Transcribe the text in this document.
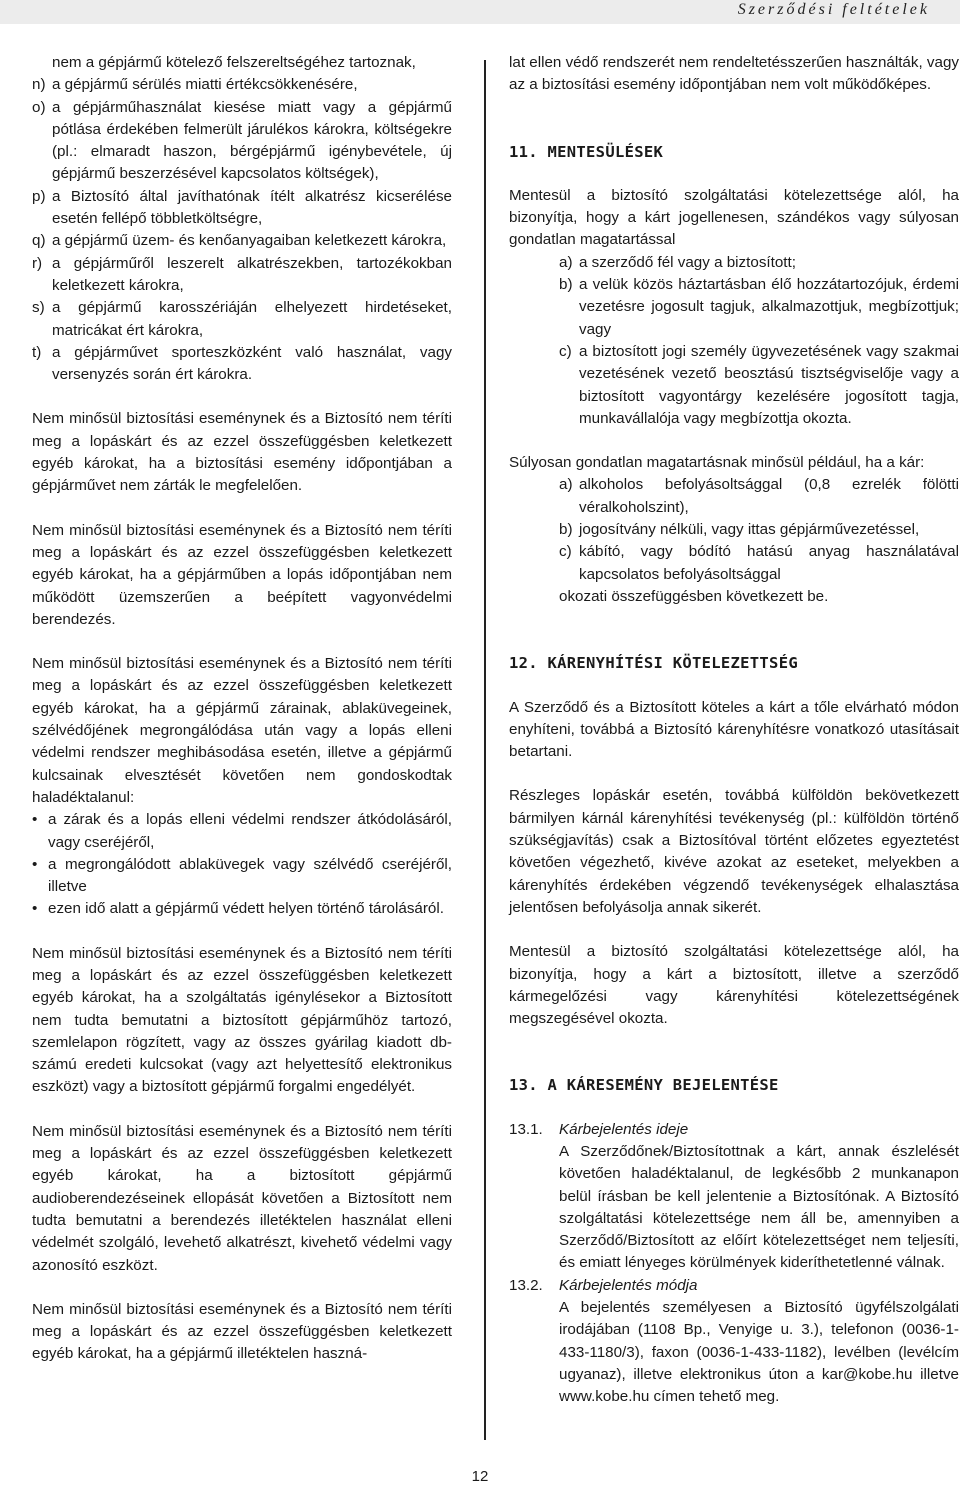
Szerződési feltételek

nem a gépjármű kötelező felszereltségéhez tartoznak,

n) a gépjármű sérülés miatti értékcsökkenésére,
o) a gépjárműhasználat kiesése miatt vagy a gépjármű pótlása érdekében felmerült járulékos károkra, költségekre (pl.: elmaradt haszon, bérgépjármű igénybevétele, új gépjármű beszerzésével kapcsolatos költségek),
p) a Biztosító által javíthatónak ítélt alkatrész kicserélése esetén fellépő többletköltségre,
q) a gépjármű üzem- és kenőanyagaiban keletkezett károkra,
r) a gépjárműről leszerelt alkatrészekben, tartozékokban keletkezett károkra,
s) a gépjármű karosszériáján elhelyezett hirdetéseket, matricákat ért károkra,
t) a gépjárművet sporteszközként való használat, vagy versenyzés során ért károkra.

Nem minősül biztosítási eseménynek és a Biztosító nem téríti meg a lopáskárt és az ezzel összefüggésben keletkezett egyéb károkat, ha a biztosítási esemény időpontjában a gépjárművet nem zárták le megfelelően.

Nem minősül biztosítási eseménynek és a Biztosító nem téríti meg a lopáskárt és az ezzel összefüggésben keletkezett egyéb károkat, ha a gépjárműben a lopás időpontjában nem működött üzemszerűen a beépített vagyonvédelmi berendezés.

Nem minősül biztosítási eseménynek és a Biztosító nem téríti meg a lopáskárt és az ezzel összefüggésben keletkezett egyéb károkat, ha a gépjármű zárainak, ablaküvegeinek, szélvédőjének megrongálódása után vagy a lopás elleni védelmi rendszer meghibásodása esetén, illetve a gépjármű kulcsainak elvesztését követően nem gondoskodtak haladéktalanul:

• a zárak és a lopás elleni védelmi rendszer átkódolásáról, vagy cseréjéről,
• a megrongálódott ablaküvegek vagy szélvédő cseréjéről, illetve
• ezen idő alatt a gépjármű védett helyen történő tárolásáról.

Nem minősül biztosítási eseménynek és a Biztosító nem téríti meg a lopáskárt és az ezzel összefüggésben keletkezett egyéb károkat, ha a szolgáltatás igénylésekor a Biztosított nem tudta bemutatni a biztosított gépjárműhöz tartozó, szemlelapon rögzített, vagy az összes gyárilag kiadott db-számú eredeti kulcsokat (vagy azt helyettesítő elektronikus eszközt) vagy a biztosított gépjármű forgalmi engedélyét.

Nem minősül biztosítási eseménynek és a Biztosító nem téríti meg a lopáskárt és az ezzel összefüggésben keletkezett egyéb károkat, ha a biztosított gépjármű audioberendezéseinek ellopását követően a Biztosított nem tudta bemutatni a berendezés illetéktelen használat elleni védelmét szolgáló, levehető alkatrészt, kivehető védelmi vagy azonosító eszközt.

Nem minősül biztosítási eseménynek és a Biztosító nem téríti meg a lopáskárt és az ezzel összefüggésben keletkezett egyéb károkat, ha a gépjármű illetéktelen haszná-

lat ellen védő rendszerét nem rendeltetésszerűen használták, vagy az a biztosítási esemény időpontjában nem volt működőképes.

11. MENTESÜLÉSEK

Mentesül a biztosító szolgáltatási kötelezettsége alól, ha bizonyítja, hogy a kárt jogellenesen, szándékos vagy súlyosan gondatlan magatartással

a) a szerződő fél vagy a biztosított;
b) a velük közös háztartásban élő hozzátartozójuk, érdemi vezetésre jogosult tagjuk, alkalmazottjuk, megbízottjuk; vagy
c) a biztosított jogi személy ügyvezetésének vagy szakmai vezetésének vezető beosztású tisztségviselője vagy a biztosított vagyontárgy kezelésére jogosított tagja, munkavállalója vagy megbízottja okozta.

Súlyosan gondatlan magatartásnak minősül például, ha a kár:

a) alkoholos befolyásoltsággal (0,8 ezrelék fölötti véralkoholszint),
b) jogosítvány nélküli, vagy ittas gépjárművezetéssel,
c) kábító, vagy bódító hatású anyag használatával kapcsolatos befolyásoltsággal

okozati összefüggésben következett be.

12. KÁRENYHÍTÉSI KÖTELEZETTSÉG

A Szerződő és a Biztosított köteles a kárt a tőle elvárható módon enyhíteni, továbbá a Biztosító kárenyhítésre vonatkozó utasításait betartani.

Részleges lopáskár esetén, továbbá külföldön bekövetkezett bármilyen kárnál kárenyhítési tevékenység (pl.: külföldön történő szükségjavítás) csak a Biztosítóval történt előzetes egyeztetést követően végezhető, kivéve azokat az eseteket, melyekben a kárenyhítés érdekében végzendő tevékenységek elhalasztása jelentősen befolyásolja annak sikerét.

Mentesül a biztosító szolgáltatási kötelezettsége alól, ha bizonyítja, hogy a kárt a biztosított, illetve a szerződő kármegelőzési vagy kárenyhítési kötelezettségének megszegésével okozta.

13. A KÁRESEMÉNY BEJELENTÉSE

13.1.	Kárbejelentés ideje

A Szerződőnek/Biztosítottnak a kárt, annak észlelését követően haladéktalanul, de legkésőbb 2 munkanapon belül írásban be kell jelentenie a Biztosítónak. A Biztosító szolgáltatási kötelezettsége nem áll be, amennyiben a Szerződő/Biztosított az előírt kötelezettséget nem teljesíti, és emiatt lényeges körülmények kideríthetetlenné válnak.

13.2.	Kárbejelentés módja

A bejelentés személyesen a Biztosító ügyfélszolgálati irodájában (1108 Bp., Venyige u. 3.), telefonon (0036-1-433-1180/3), faxon (0036-1-433-1182), levélben (levélcím ugyanaz), illetve elektronikus úton a kar@kobe.hu illetve www.kobe.hu címen tehető meg.

12
